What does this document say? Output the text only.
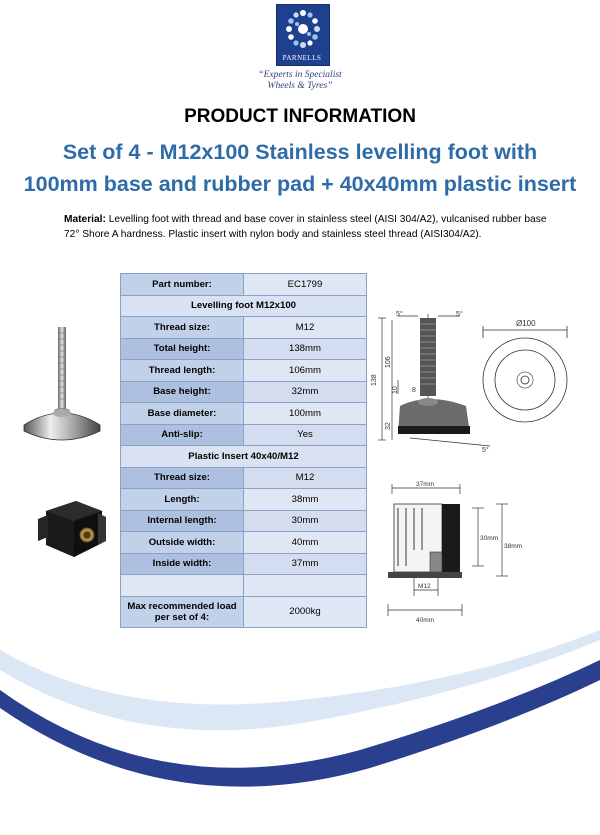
PARNELLS
“Experts in Specialist
Wheels & Tyres”
PRODUCT INFORMATION
Set of 4 - M12x100 Stainless levelling foot with
100mm base and rubber pad + 40x40mm plastic insert
Material: Levelling foot with thread and base cover in stainless steel (AISI 304/A2), vulcanised rubber base 72° Shore A hardness. Plastic insert with nylon body and stainless steel thread (AISI304/A2).
Part number:	EC1799
Levelling foot M12x100	
Thread size:	M12
Total height:	138mm
Thread length:	106mm
Base height:	32mm
Base diameter:	100mm
Anti-slip:	Yes
Plastic Insert 40x40/M12	
Thread size:	M12
Length:	38mm
Internal length:	30mm
Outside width:	40mm
Inside width:	37mm

Max recommended load
per set of 4:	2000kg
5°	5°
138
106
10 8
32
5°
Ø100
37mm
30mm
38mm
M12
40mm
